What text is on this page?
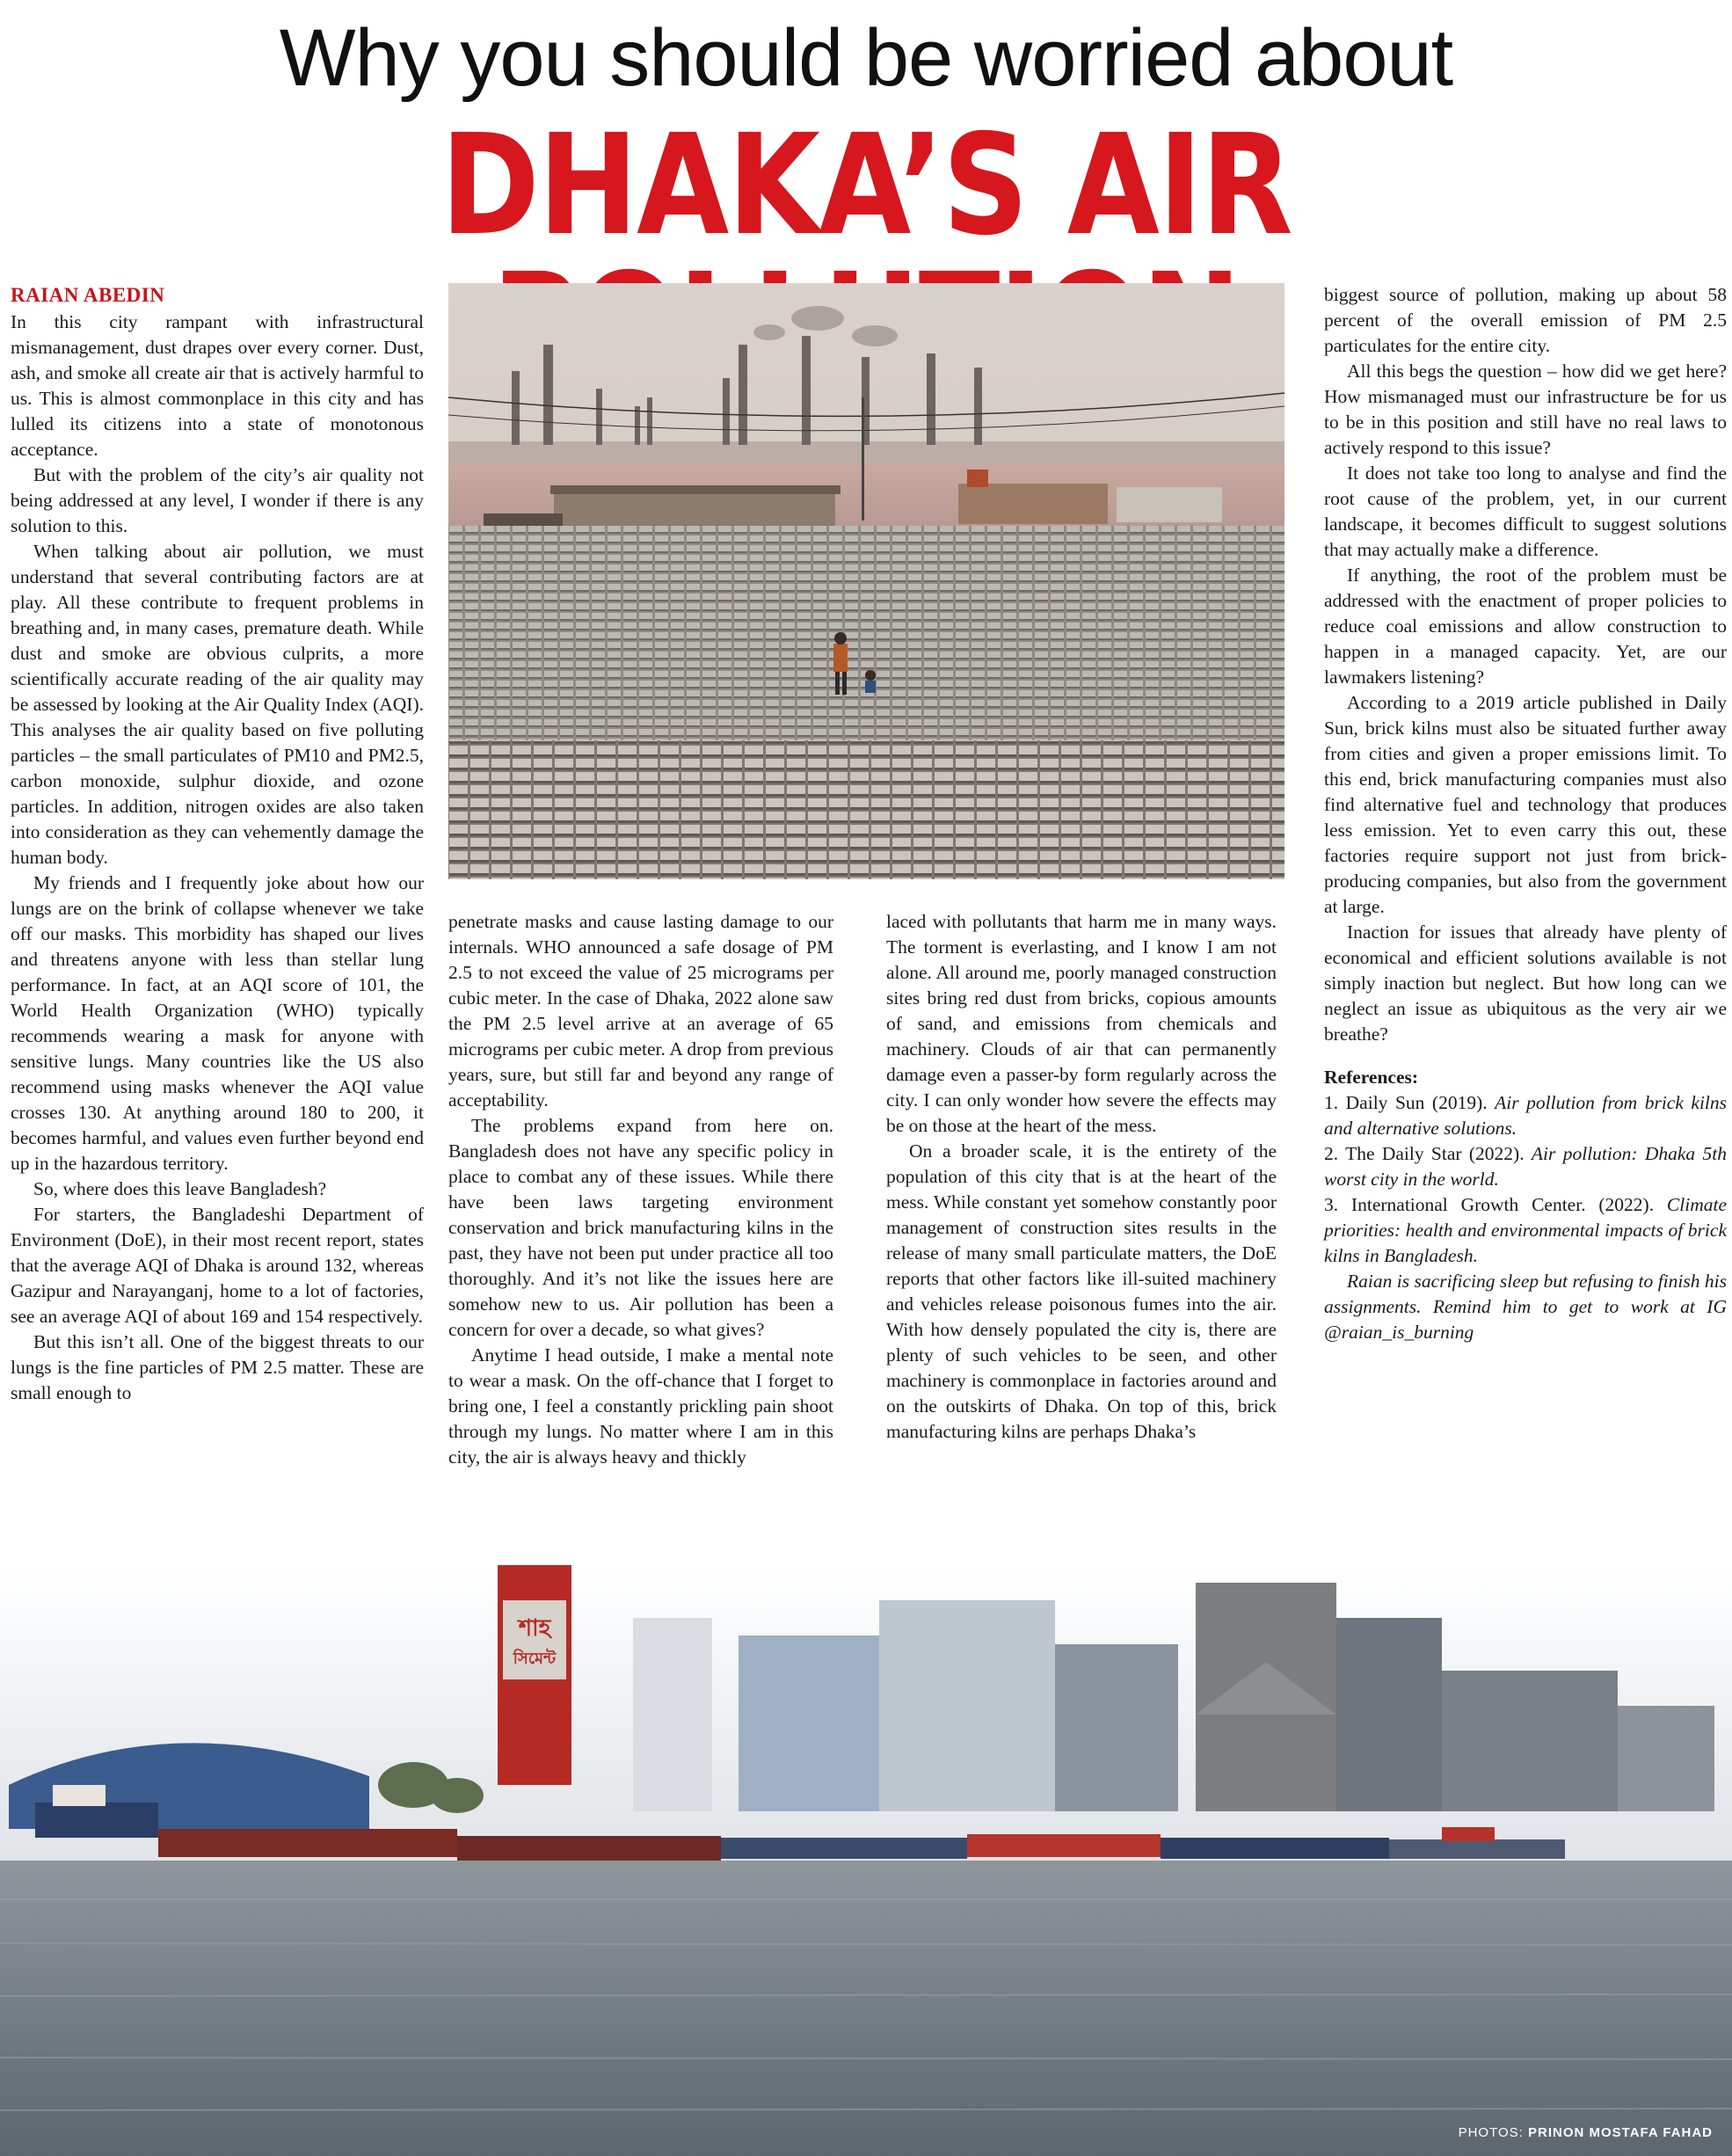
Why you should be worried about
DHAKA’S AIR
RAIAN ABEDIN

In this city rampant with infrastructural mismanagement, dust drapes over every corner. Dust, ash, and smoke all create air that is actively harmful to us. This is almost commonplace in this city and has lulled its citizens into a state of monotonous acceptance.

But with the problem of the city’s air quality not being addressed at any level, I wonder if there is any solution to this.

When talking about air pollution, we must understand that several contributing factors are at play. All these contribute to frequent problems in breathing and, in many cases, premature death. While dust and smoke are obvious culprits, a more scientifically accurate reading of the air quality may be assessed by looking at the Air Quality Index (AQI). This analyses the air quality based on five polluting particles – the small particulates of PM10 and PM2.5, carbon monoxide, sulphur dioxide, and ozone particles. In addition, nitrogen oxides are also taken into consideration as they can vehemently damage the human body.

My friends and I frequently joke about how our lungs are on the brink of collapse whenever we take off our masks. This morbidity has shaped our lives and threatens anyone with less than stellar lung performance. In fact, at an AQI score of 101, the World Health Organization (WHO) typically recommends wearing a mask for anyone with sensitive lungs. Many countries like the US also recommend using masks whenever the AQI value crosses 130. At anything around 180 to 200, it becomes harmful, and values even further beyond end up in the hazardous territory.

So, where does this leave Bangladesh?

For starters, the Bangladeshi Department of Environment (DoE), in their most recent report, states that the average AQI of Dhaka is around 132, whereas Gazipur and Narayanganj, home to a lot of factories, see an average AQI of about 169 and 154 respectively.

But this isn’t all. One of the biggest threats to our lungs is the fine particles of PM 2.5 matter. These are small enough to

penetrate masks and cause lasting damage to our internals. WHO announced a safe dosage of PM 2.5 to not exceed the value of 25 micrograms per cubic meter. In the case of Dhaka, 2022 alone saw the PM 2.5 level arrive at an average of 65 micrograms per cubic meter. A drop from previous years, sure, but still far and beyond any range of acceptability.

The problems expand from here on. Bangladesh does not have any specific policy in place to combat any of these issues. While there have been laws targeting environment conservation and brick manufacturing kilns in the past, they have not been put under practice all too thoroughly. And it’s not like the issues here are somehow new to us. Air pollution has been a concern for over a decade, so what gives?

Anytime I head outside, I make a mental note to wear a mask. On the off-chance that I forget to bring one, I feel a constantly prickling pain shoot through my lungs. No matter where I am in this city, the air is always heavy and thickly

laced with pollutants that harm me in many ways. The torment is everlasting, and I know I am not alone. All around me, poorly managed construction sites bring red dust from bricks, copious amounts of sand, and emissions from chemicals and machinery. Clouds of air that can permanently damage even a passer-by form regularly across the city. I can only wonder how severe the effects may be on those at the heart of the mess.

On a broader scale, it is the entirety of the population of this city that is at the heart of the mess. While constant yet somehow constantly poor management of construction sites results in the release of many small particulate matters, the DoE reports that other factors like ill-suited machinery and vehicles release poisonous fumes into the air. With how densely populated the city is, there are plenty of such vehicles to be seen, and other machinery is commonplace in factories around and on the outskirts of Dhaka. On top of this, brick manufacturing kilns are perhaps Dhaka’s

biggest source of pollution, making up about 58 percent of the overall emission of PM 2.5 particulates for the entire city.

All this begs the question – how did we get here? How mismanaged must our infrastructure be for us to be in this position and still have no real laws to actively respond to this issue?

It does not take too long to analyse and find the root cause of the problem, yet, in our current landscape, it becomes difficult to suggest solutions that may actually make a difference.

If anything, the root of the problem must be addressed with the enactment of proper policies to reduce coal emissions and allow construction to happen in a managed capacity. Yet, are our lawmakers listening?

According to a 2019 article published in Daily Sun, brick kilns must also be situated further away from cities and given a proper emissions limit. To this end, brick manufacturing companies must also find alternative fuel and technology that produces less emission. Yet to even carry this out, these factories require support not just from brick-producing companies, but also from the government at large.

Inaction for issues that already have plenty of economical and efficient solutions available is not simply inaction but neglect. But how long can we neglect an issue as ubiquitous as the very air we breathe?

References:

1. Daily Sun (2019). Air pollution from brick kilns and alternative solutions.

2. The Daily Star (2022). Air pollution: Dhaka 5th worst city in the world.

3. International Growth Center. (2022). Climate priorities: health and environmental impacts of brick kilns in Bangladesh.

Raian is sacrificing sleep but refusing to finish his assignments. Remind him to get to work at IG @raian_is_burning

শাহ
সিমেন্ট
PHOTOS: PRINON MOSTAFA FAHAD
